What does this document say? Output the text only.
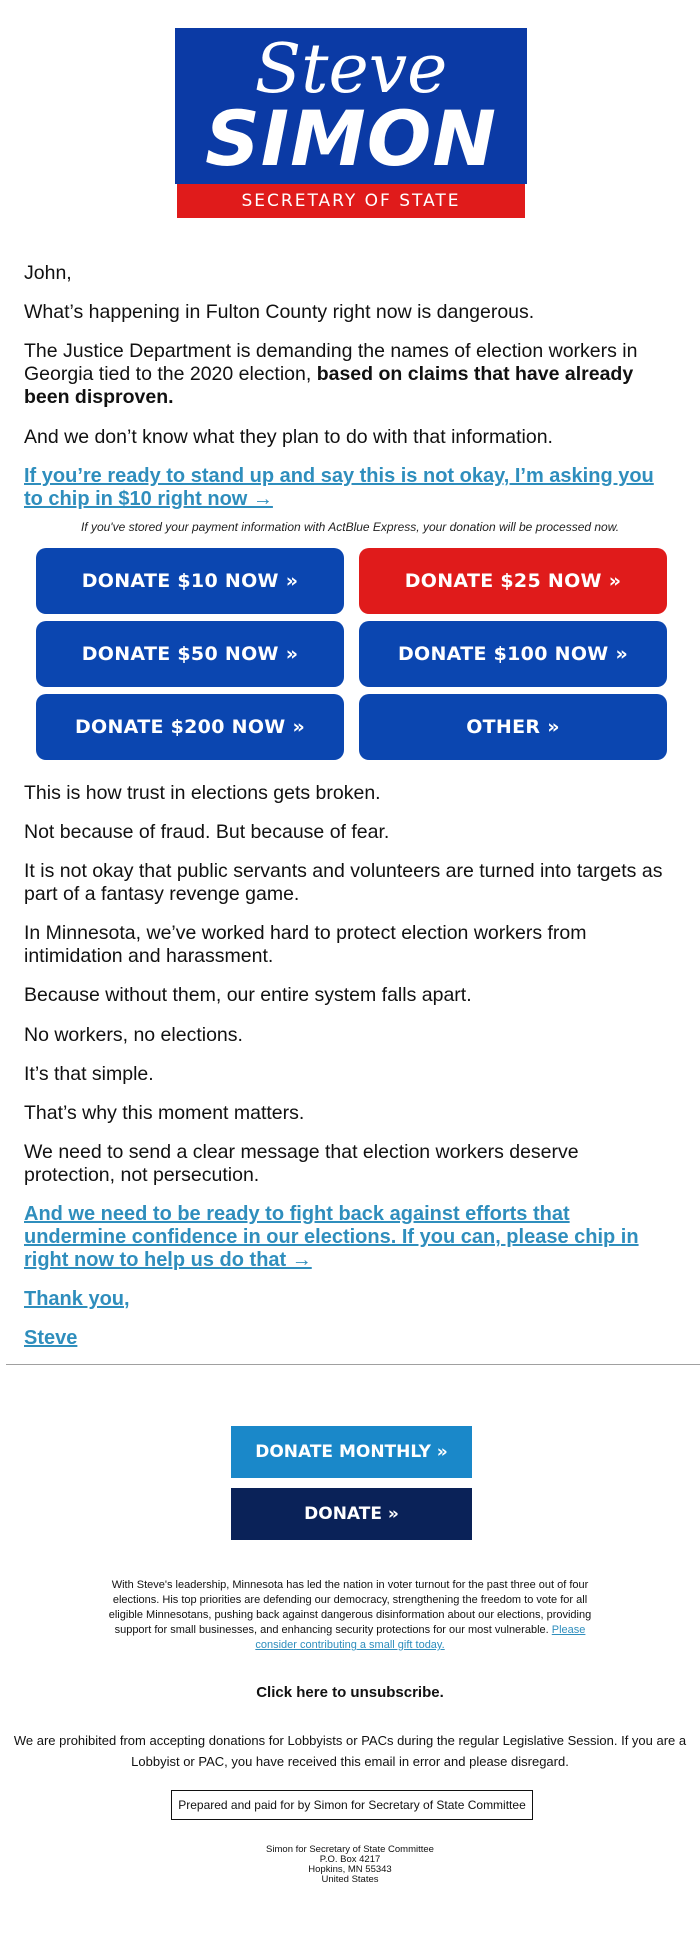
Steve
SIMON
SECRETARY OF STATE
John,
What’s happening in Fulton County right now is dangerous.
The Justice Department is demanding the names of election workers in Georgia tied to the 2020 election, based on claims that have already been disproven.
And we don’t know what they plan to do with that information.
If you’re ready to stand up and say this is not okay, I’m asking you to chip in $10 right now →
If you've stored your payment information with ActBlue Express, your donation will be processed now.
DONATE $10 NOW »	DONATE $25 NOW »
DONATE $50 NOW »	DONATE $100 NOW »
DONATE $200 NOW »	OTHER »
This is how trust in elections gets broken.
Not because of fraud. But because of fear.
It is not okay that public servants and volunteers are turned into targets as part of a fantasy revenge game.
In Minnesota, we’ve worked hard to protect election workers from intimidation and harassment.
Because without them, our entire system falls apart.
No workers, no elections.
It’s that simple.
That’s why this moment matters.
We need to send a clear message that election workers deserve protection, not persecution.
And we need to be ready to fight back against efforts that undermine confidence in our elections. If you can, please chip in right now to help us do that →
Thank you,
Steve
DONATE MONTHLY »
DONATE »
With Steve's leadership, Minnesota has led the nation in voter turnout for the past three out of four elections. His top priorities are defending our democracy, strengthening the freedom to vote for all eligible Minnesotans, pushing back against dangerous disinformation about our elections, providing support for small businesses, and enhancing security protections for our most vulnerable. Please consider contributing a small gift today.
Click here to unsubscribe.
We are prohibited from accepting donations for Lobbyists or PACs during the regular Legislative Session. If you are a Lobbyist or PAC, you have received this email in error and please disregard.
Prepared and paid for by Simon for Secretary of State Committee
Simon for Secretary of State Committee
P.O. Box 4217
Hopkins, MN 55343
United States
